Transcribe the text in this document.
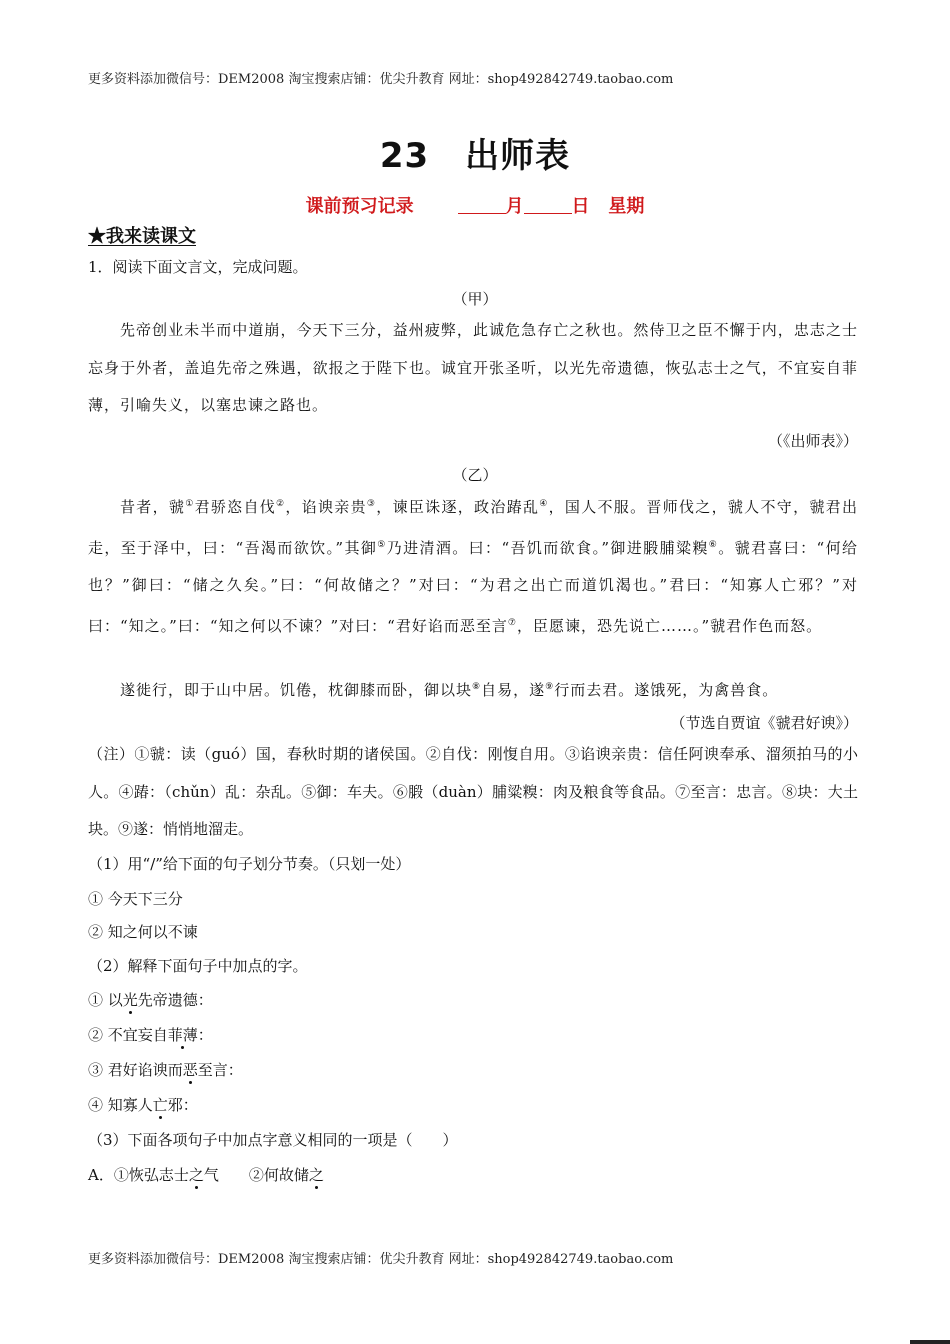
更多资料添加微信号：DEM2008 淘宝搜索店铺：优尖升教育 网址：shop492842749.taobao.com
23 出师表
课前预习记录	月	日 星期
★我来读课文
1．阅读下面文言文，完成问题。
（甲）
先帝创业未半而中道崩，今天下三分，益州疲弊，此诚危急存亡之秋也。然侍卫之臣不懈于内，忠志之士忘身于外者，盖追先帝之殊遇，欲报之于陛下也。诚宜开张圣听，以光先帝遗德，恢弘志士之气，不宜妄自菲薄，引喻失义，以塞忠谏之路也。
（《出师表》）
（乙）
昔者，虢①君骄恣自伐②，谄谀亲贵③，谏臣诛逐，政治踳乱④，国人不服。晋师伐之，虢人不守，虢君出走，至于泽中，曰：“吾渴而欲饮。”其御⑤乃进清酒。曰：“吾饥而欲食。”御进腶脯粱糗⑥。虢君喜曰：“何给也？”御曰：“储之久矣。”曰：“何故储之？”对曰：“为君之出亡而道饥渴也。”君曰：“知寡人亡邪？”对曰：“知之。”曰：“知之何以不谏？”对曰：“君好谄而恶至言⑦，臣愿谏，恐先说亡……。”虢君作色而怒。
遂徙行，即于山中居。饥倦，枕御膝而卧，御以块⑧自易，遂⑨行而去君。遂饿死，为禽兽食。
（节选自贾谊《虢君好谀》）
（注）①虢：读（guó）国，春秋时期的诸侯国。②自伐：刚愎自用。③谄谀亲贵：信任阿谀奉承、溜须拍马的小人。④踳：（chǔn）乱：杂乱。⑤御：车夫。⑥腶（duàn）脯粱糗：肉及粮食等食品。⑦至言：忠言。⑧块：大土块。⑨遂：悄悄地溜走。
（1）用“/”给下面的句子划分节奏。（只划一处）
① 今天下三分
② 知之何以不谏
（2）解释下面句子中加点的字。
① 以光先帝遗德：
② 不宜妄自菲薄：
③ 君好谄谀而恶至言：
④ 知寡人亡邪：
（3）下面各项句子中加点字意义相同的一项是（　　）
A．①恢弘志士之气　　②何故储之
更多资料添加微信号：DEM2008 淘宝搜索店铺：优尖升教育 网址：shop492842749.taobao.com
